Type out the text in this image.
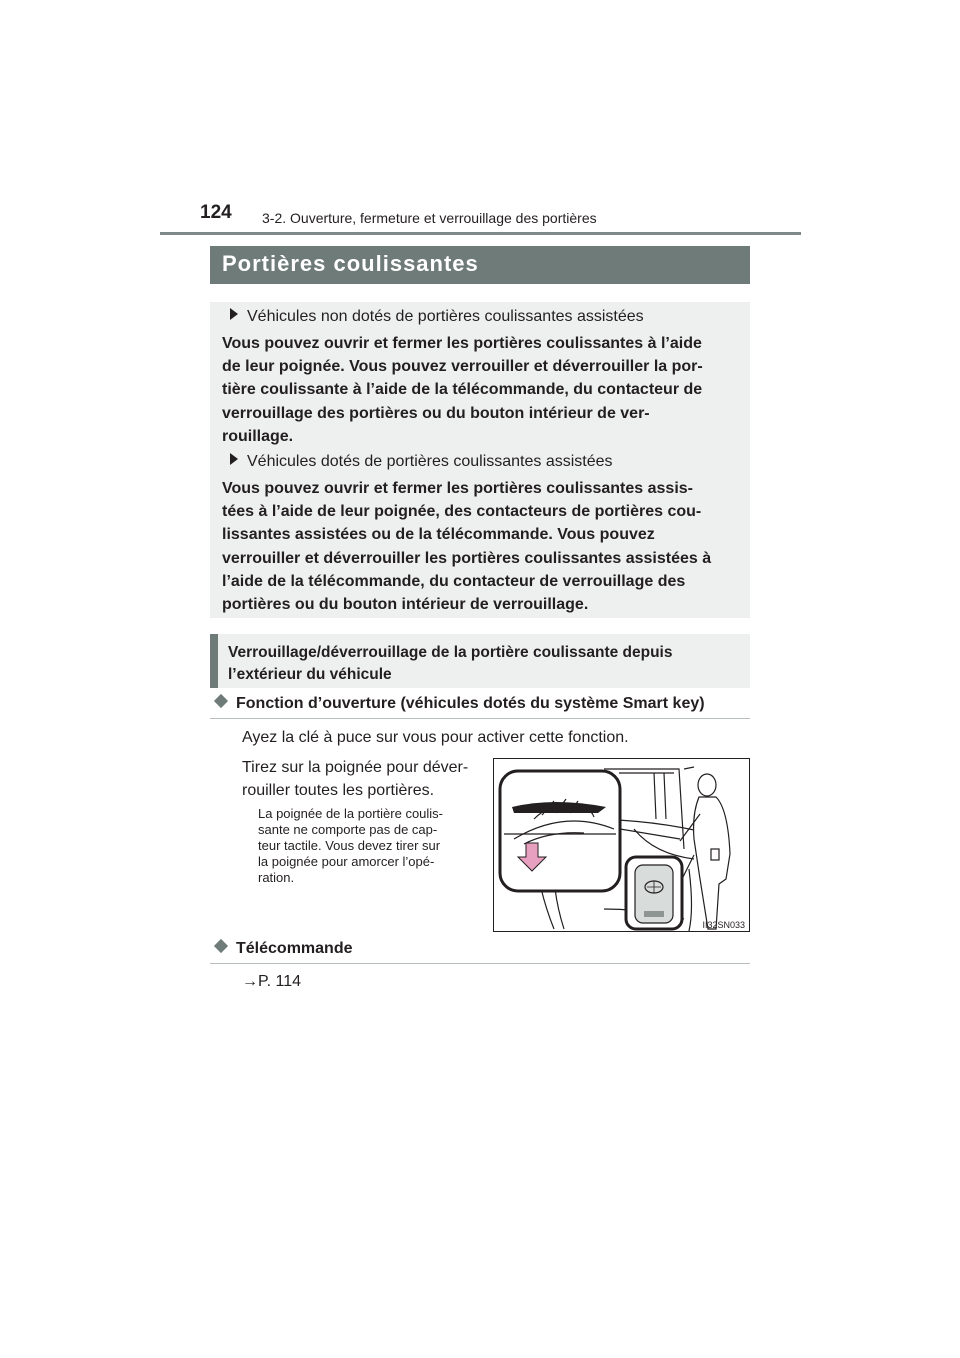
124 3-2. Ouverture, fermeture et verrouillage des portières
Portières coulissantes
Véhicules non dotés de portières coulissantes assistées
Vous pouvez ouvrir et fermer les portières coulissantes à l’aide
de leur poignée. Vous pouvez verrouiller et déverrouiller la por-
tière coulissante à l’aide de la télécommande, du contacteur de
verrouillage des portières ou du bouton intérieur de ver-
rouillage.
Véhicules dotés de portières coulissantes assistées
Vous pouvez ouvrir et fermer les portières coulissantes assis-
tées à l’aide de leur poignée, des contacteurs de portières cou-
lissantes assistées ou de la télécommande. Vous pouvez
verrouiller et déverrouiller les portières coulissantes assistées à
l’aide de la télécommande, du contacteur de verrouillage des
portières ou du bouton intérieur de verrouillage.
Verrouillage/déverrouillage de la portière coulissante depuis
l’extérieur du véhicule
Fonction d’ouverture (véhicules dotés du système Smart key)
Ayez la clé à puce sur vous pour activer cette fonction.
Tirez sur la poignée pour déver-
rouiller toutes les portières.
La poignée de la portière coulis-
sante ne comporte pas de cap-
teur tactile. Vous devez tirer sur
la poignée pour amorcer l’opé-
ration.
II32SN033
Télécommande
→P. 114
